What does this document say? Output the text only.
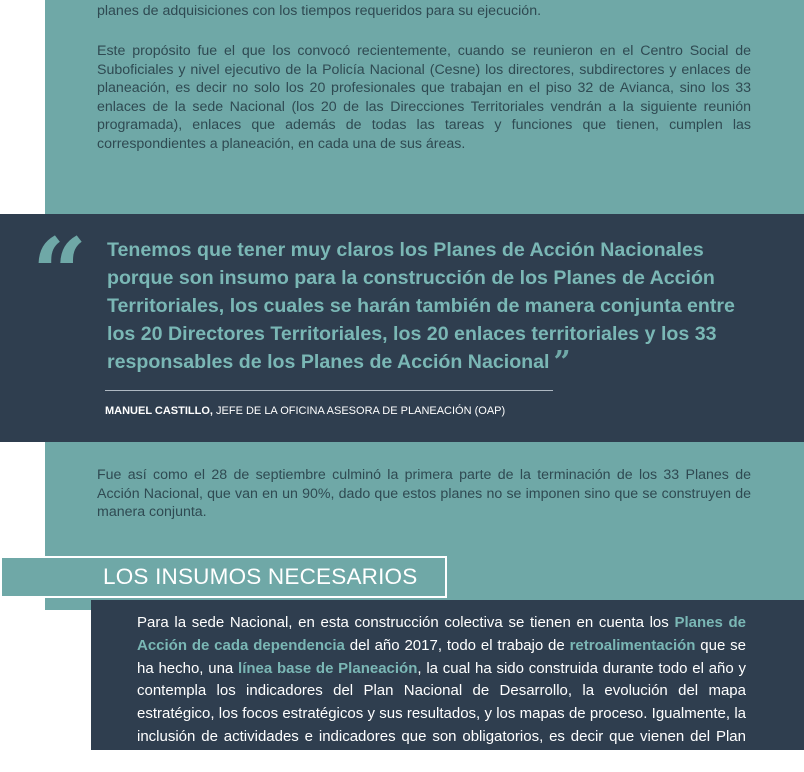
planes de adquisiciones con los tiempos requeridos para su ejecución.

Este propósito fue el que los convocó recientemente, cuando se reunieron en el Centro Social de Suboficiales y nivel ejecutivo de la Policía Nacional (Cesne) los directores, subdirectores y enlaces de planeación, es decir no solo los 20 profesionales que trabajan en el piso 32 de Avianca, sino los 33 enlaces de la sede Nacional (los 20 de las Direcciones Territoriales vendrán a la siguiente reunión programada), enlaces que además de todas las tareas y funciones que tienen, cumplen las correspondientes a planeación, en cada una de sus áreas.

“ Tenemos que tener muy claros los Planes de Acción Nacionales porque son insumo para la construcción de los Planes de Acción Territoriales, los cuales se harán también de manera conjunta entre los 20 Directores Territoriales, los 20 enlaces territoriales y los 33 responsables de los Planes de Acción Nacional ”

MANUEL CASTILLO, JEFE DE LA OFICINA ASESORA DE PLANEACIÓN (OAP)

Fue así como el 28 de septiembre culminó la primera parte de la terminación de los 33 Planes de Acción Nacional, que van en un 90%, dado que estos planes no se imponen sino que se construyen de manera conjunta.

LOS INSUMOS NECESARIOS

Para la sede Nacional, en esta construcción colectiva se tienen en cuenta los Planes de Acción de cada dependencia del año 2017, todo el trabajo de retroalimentación que se ha hecho, una línea base de Planeación, la cual ha sido construida durante todo el año y contempla los indicadores del Plan Nacional de Desarrollo, la evolución del mapa estratégico, los focos estratégicos y sus resultados, y los mapas de proceso. Igualmente, la inclusión de actividades e indicadores que son obligatorios, es decir que vienen del Plan Nacional de
